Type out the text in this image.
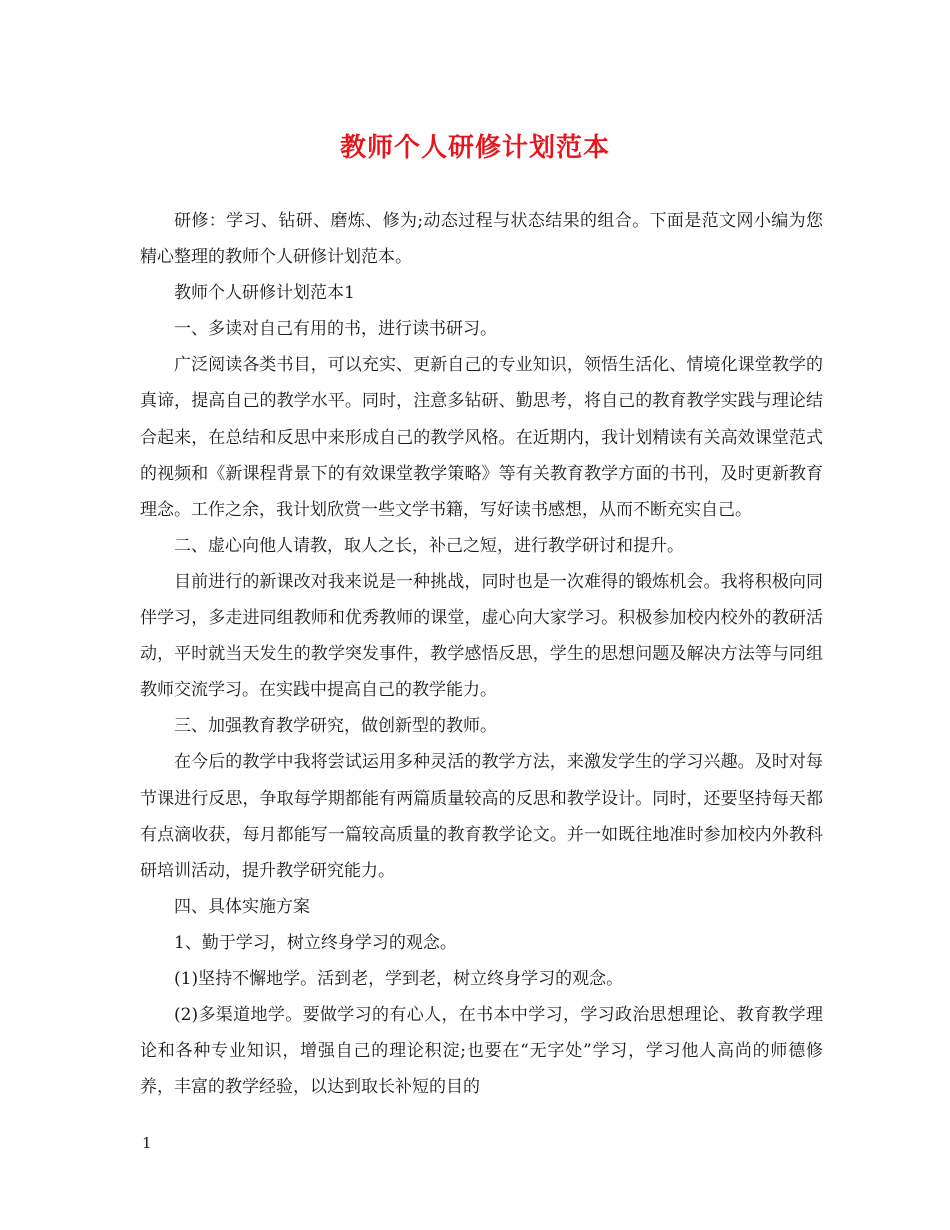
教师个人研修计划范本

研修：学习、钻研、磨炼、修为;动态过程与状态结果的组合。下面是范文网小编为您精心整理的教师个人研修计划范本。

教师个人研修计划范本1

一、多读对自己有用的书，进行读书研习。

广泛阅读各类书目，可以充实、更新自己的专业知识，领悟生活化、情境化课堂教学的真谛，提高自己的教学水平。同时，注意多钻研、勤思考，将自己的教育教学实践与理论结合起来，在总结和反思中来形成自己的教学风格。在近期内，我计划精读有关高效课堂范式的视频和《新课程背景下的有效课堂教学策略》等有关教育教学方面的书刊，及时更新教育理念。工作之余，我计划欣赏一些文学书籍，写好读书感想，从而不断充实自己。

二、虚心向他人请教，取人之长，补己之短，进行教学研讨和提升。

目前进行的新课改对我来说是一种挑战，同时也是一次难得的锻炼机会。我将积极向同伴学习，多走进同组教师和优秀教师的课堂，虚心向大家学习。积极参加校内校外的教研活动，平时就当天发生的教学突发事件，教学感悟反思，学生的思想问题及解决方法等与同组教师交流学习。在实践中提高自己的教学能力。

三、加强教育教学研究，做创新型的教师。

在今后的教学中我将尝试运用多种灵活的教学方法，来激发学生的学习兴趣。及时对每节课进行反思，争取每学期都能有两篇质量较高的反思和教学设计。同时，还要坚持每天都有点滴收获，每月都能写一篇较高质量的教育教学论文。并一如既往地准时参加校内外教科研培训活动，提升教学研究能力。

四、具体实施方案

1、勤于学习，树立终身学习的观念。

(1)坚持不懈地学。活到老，学到老，树立终身学习的观念。

(2)多渠道地学。要做学习的有心人，在书本中学习，学习政治思想理论、教育教学理论和各种专业知识，增强自己的理论积淀;也要在“无字处”学习，学习他人高尚的师德修养，丰富的教学经验，以达到取长补短的目的

1
